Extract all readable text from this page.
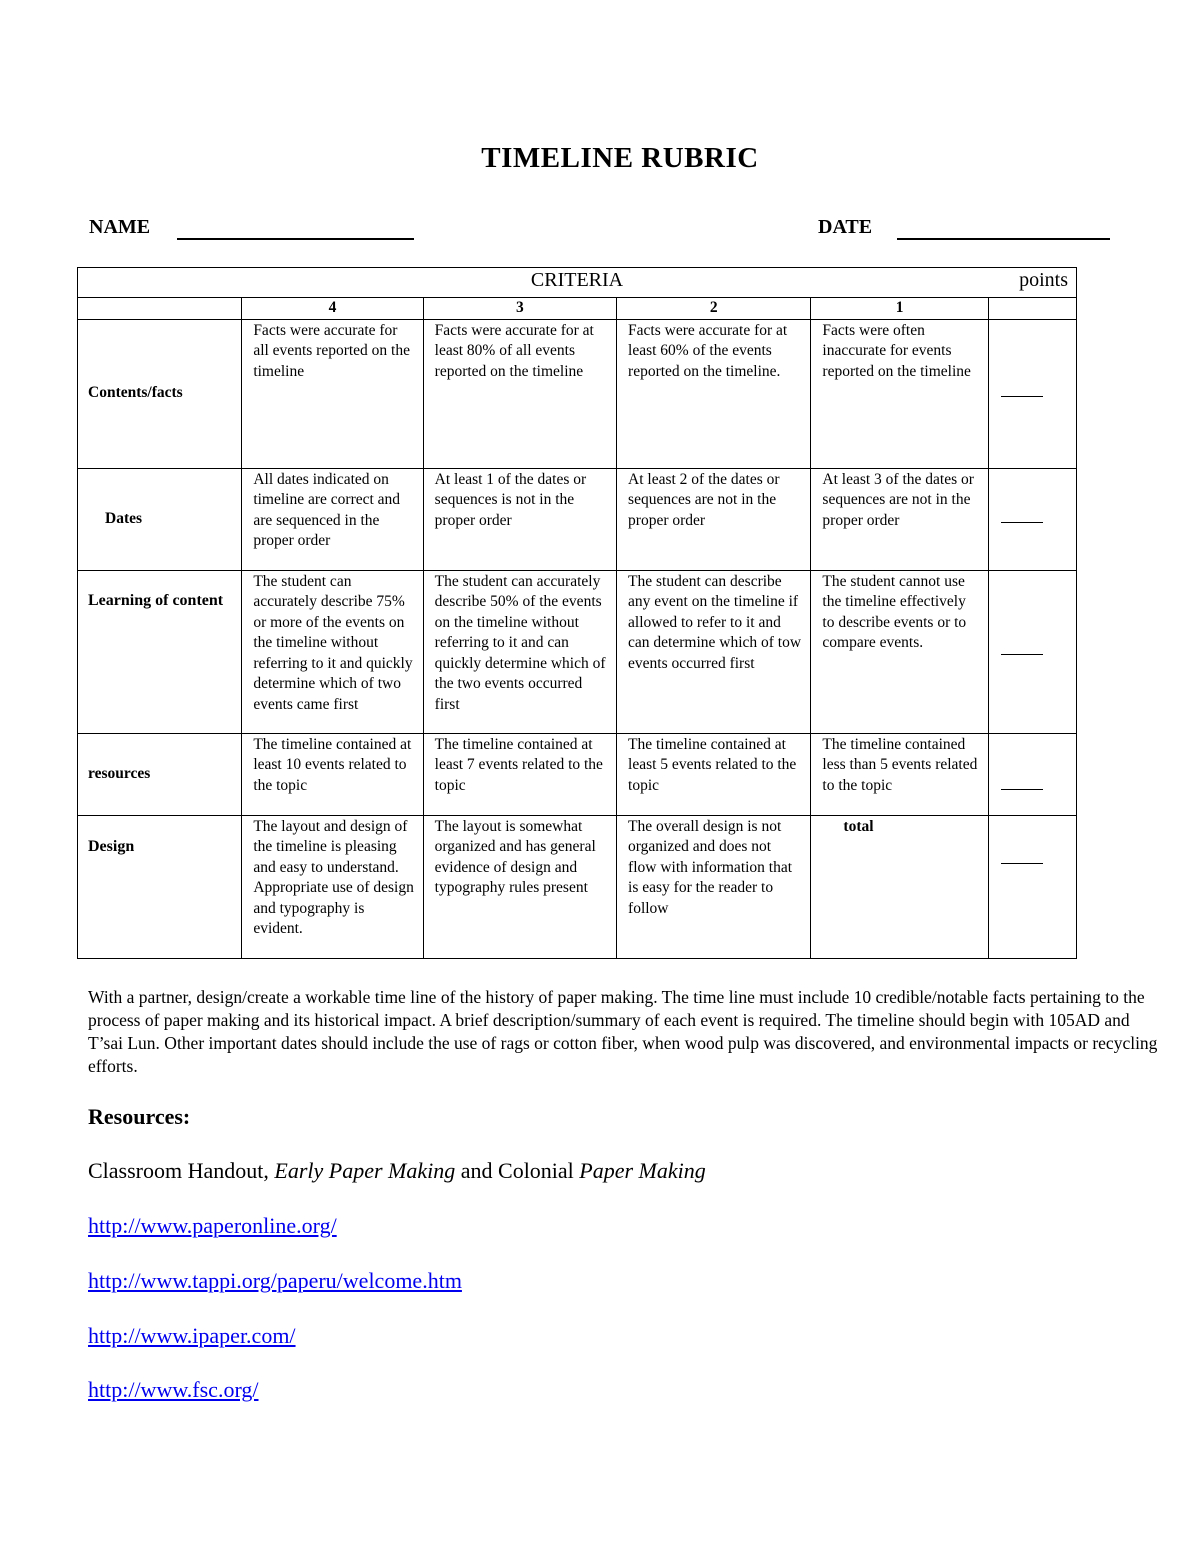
TIMELINE RUBRIC
NAME	DATE
CRITERIA points					

	4	3	2	1	
Contents/facts	Facts were accurate for all events reported on the timeline	Facts were accurate for at least 80% of all events reported on the timeline	Facts were accurate for at least 60% of the events reported on the timeline.	Facts were often inaccurate for events reported on the timeline	
Dates	All dates indicated on timeline are correct and are sequenced in the proper order	At least 1 of the dates or sequences is not in the proper order	At least 2 of the dates or sequences are not in the proper order	At least 3 of the dates or sequences are not in the proper order	
Learning of content	The student can accurately describe 75% or more of the events on the timeline without referring to it and quickly determine which of two events came first	The student can accurately describe 50% of the events on the timeline without referring to it and can quickly determine which of the two events occurred first	The student can describe any event on the timeline if allowed to refer to it and can determine which of tow events occurred first	The student cannot use the timeline effectively to describe events or to compare events.	
resources	The timeline contained at least 10 events related to the topic	The timeline contained at least 7 events related to the topic	The timeline contained at least 5 events related to the topic	The timeline contained less than 5 events related to the topic	
Design	The layout and design of the timeline is pleasing and easy to understand. Appropriate use of design and typography is evident.	The layout is somewhat organized and has general evidence of design and typography rules present	The overall design is not organized and does not flow with information that is easy for the reader to follow	total	
With a partner, design/create a workable time line of the history of paper making. The time line must include 10 credible/notable facts pertaining to the process of paper making and its historical impact. A brief description/summary of each event is required. The timeline should begin with 105AD and T’sai Lun. Other important dates should include the use of rags or cotton fiber, when wood pulp was discovered, and environmental impacts or recycling efforts.
Resources:
Classroom Handout, Early Paper Making and Colonial Paper Making
http://www.paperonline.org/
http://www.tappi.org/paperu/welcome.htm
http://www.ipaper.com/
http://www.fsc.org/
